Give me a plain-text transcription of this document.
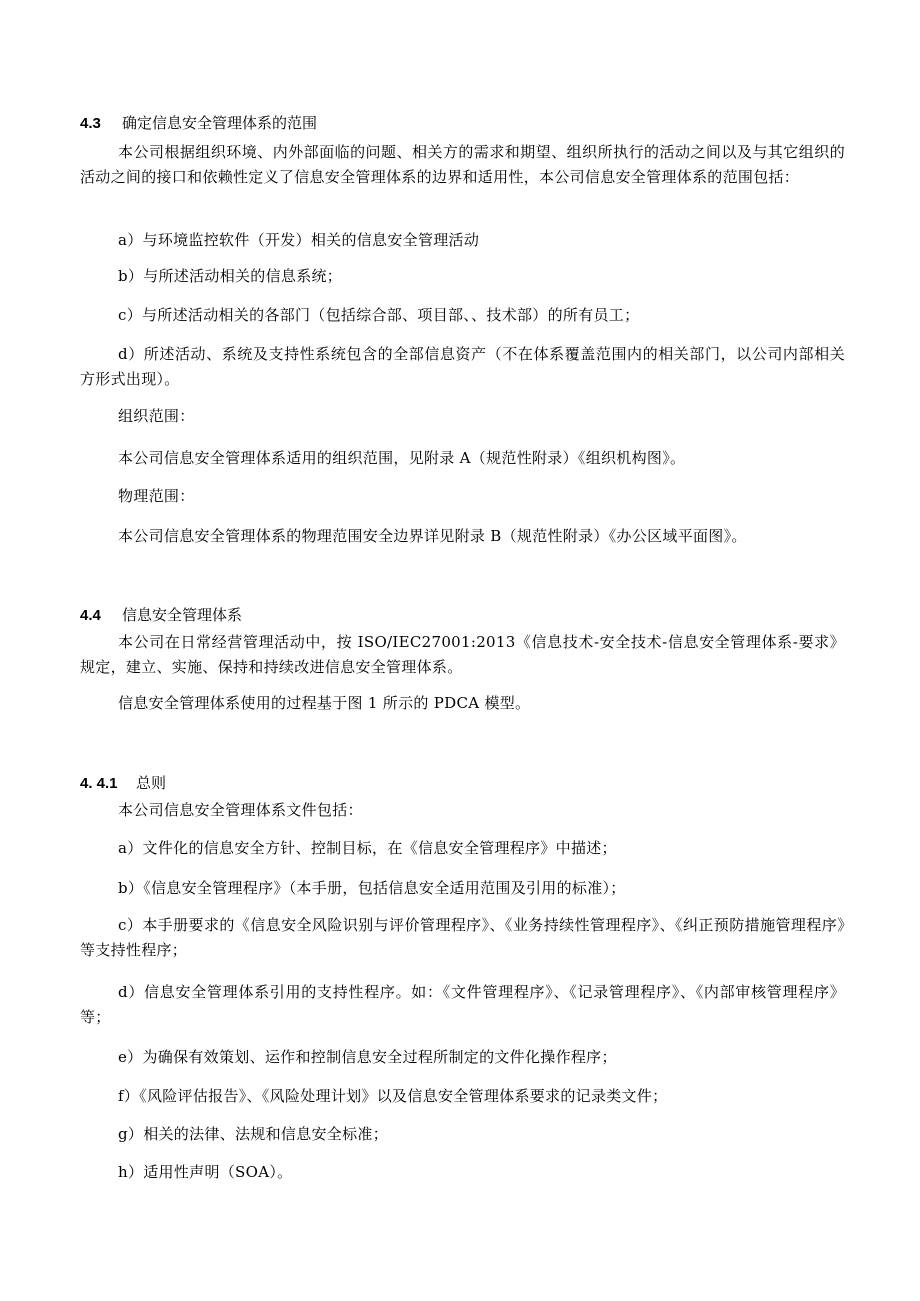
4.3 确定信息安全管理体系的范围
本公司根据组织环境、内外部面临的问题、相关方的需求和期望、组织所执行的活动之间以及与其它组织的活动之间的接口和依赖性定义了信息安全管理体系的边界和适用性，本公司信息安全管理体系的范围包括：
a）与环境监控软件（开发）相关的信息安全管理活动
b）与所述活动相关的信息系统；
c）与所述活动相关的各部门（包括综合部、项目部、、技术部）的所有员工；
d）所述活动、系统及支持性系统包含的全部信息资产（不在体系覆盖范围内的相关部门，以公司内部相关方形式出现）。
组织范围：
本公司信息安全管理体系适用的组织范围，见附录 A（规范性附录）《组织机构图》。
物理范围：
本公司信息安全管理体系的物理范围安全边界详见附录 B（规范性附录）《办公区域平面图》。
4.4 信息安全管理体系
本公司在日常经营管理活动中，按 ISO/IEC27001:2013《信息技术-安全技术-信息安全管理体系-要求》规定，建立、实施、保持和持续改进信息安全管理体系。
信息安全管理体系使用的过程基于图 1 所示的 PDCA 模型。
4. 4.1 总则
本公司信息安全管理体系文件包括：
a）文件化的信息安全方针、控制目标，在《信息安全管理程序》中描述；
b）《信息安全管理程序》（本手册，包括信息安全适用范围及引用的标准）；
c）本手册要求的《信息安全风险识别与评价管理程序》、《业务持续性管理程序》、《纠正预防措施管理程序》等支持性程序；
d）信息安全管理体系引用的支持性程序。如：《文件管理程序》、《记录管理程序》、《内部审核管理程序》等；
e）为确保有效策划、运作和控制信息安全过程所制定的文件化操作程序；
f）《风险评估报告》、《风险处理计划》以及信息安全管理体系要求的记录类文件；
g）相关的法律、法规和信息安全标准；
h）适用性声明（SOA）。
